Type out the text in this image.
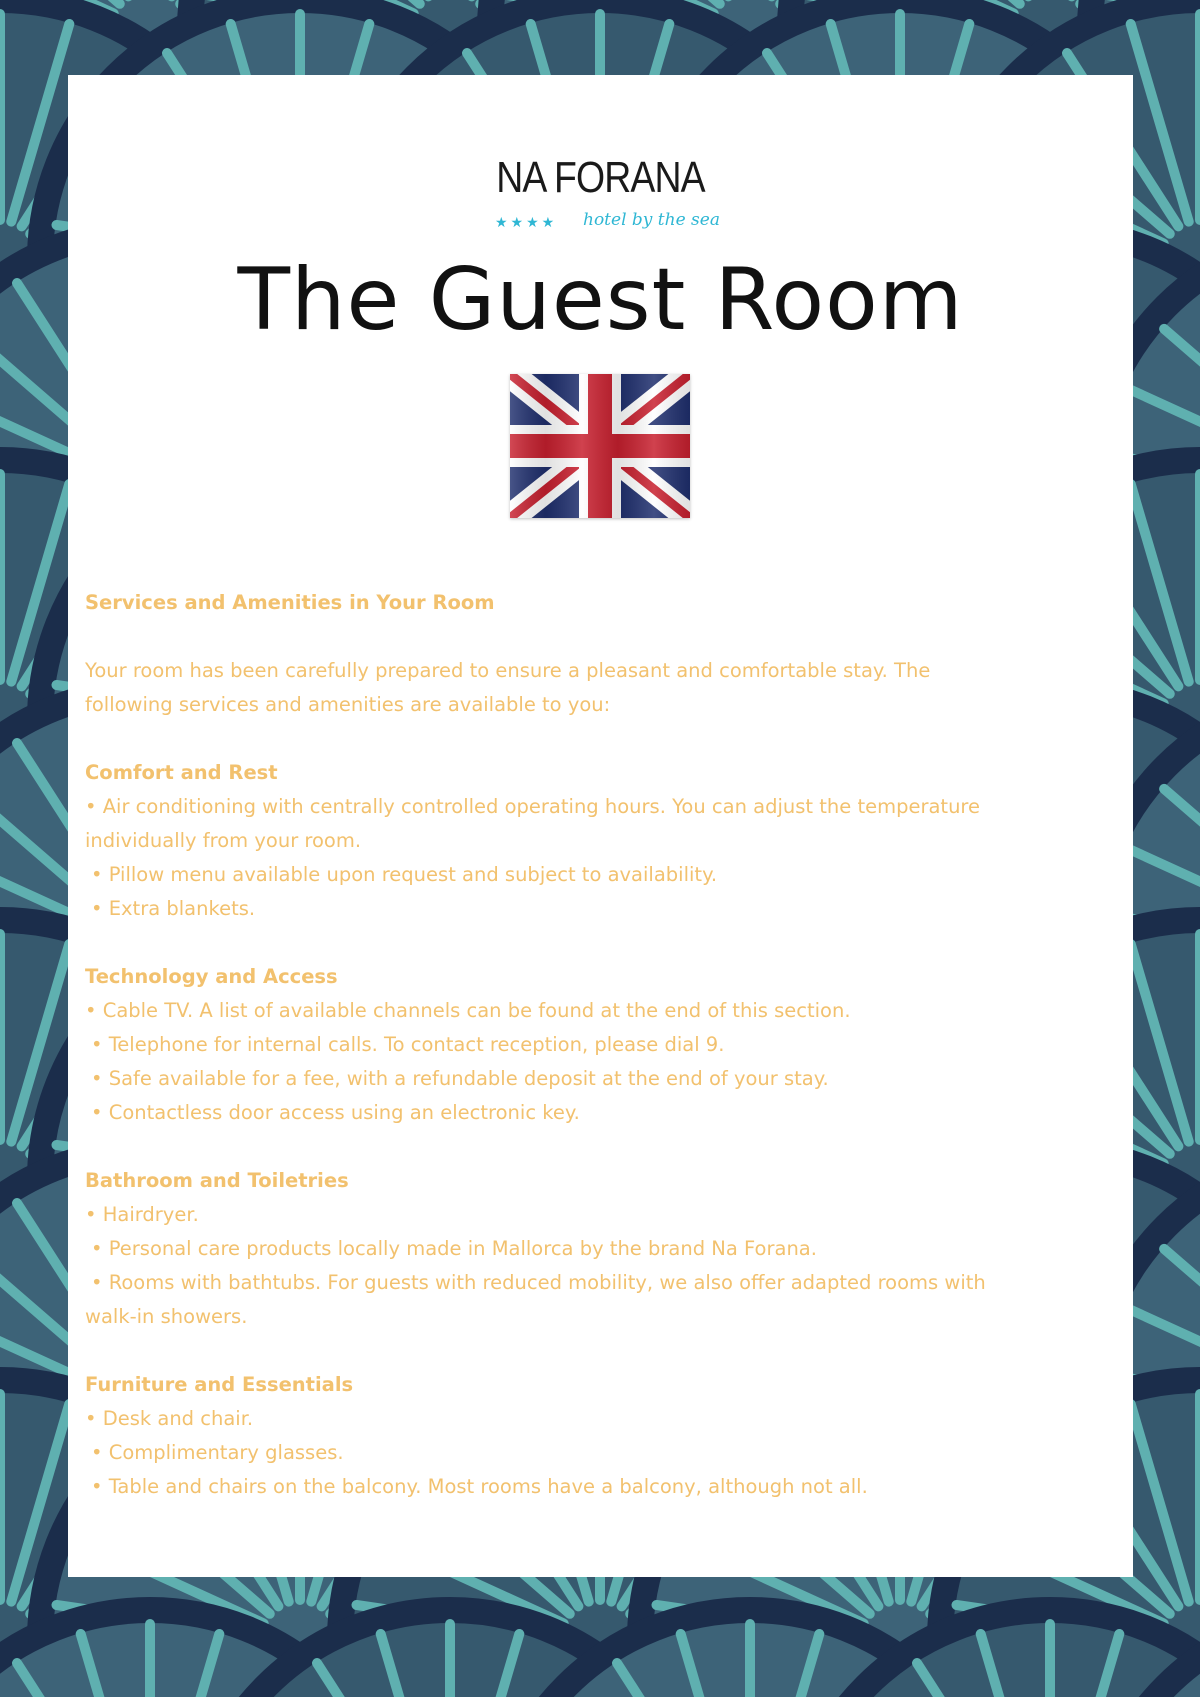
NA FORANA
★★★★ hotel by the sea
The Guest Room
Services and Amenities in Your Room
Your room has been carefully prepared to ensure a pleasant and comfortable stay. The
following services and amenities are available to you:
Comfort and Rest
• Air conditioning with centrally controlled operating hours. You can adjust the temperature
individually from your room.
• Pillow menu available upon request and subject to availability.
• Extra blankets.
Technology and Access
• Cable TV. A list of available channels can be found at the end of this section.
• Telephone for internal calls. To contact reception, please dial 9.
• Safe available for a fee, with a refundable deposit at the end of your stay.
• Contactless door access using an electronic key.
Bathroom and Toiletries
• Hairdryer.
• Personal care products locally made in Mallorca by the brand Na Forana.
• Rooms with bathtubs. For guests with reduced mobility, we also offer adapted rooms with
walk-in showers.
Furniture and Essentials
• Desk and chair.
• Complimentary glasses.
• Table and chairs on the balcony. Most rooms have a balcony, although not all.
